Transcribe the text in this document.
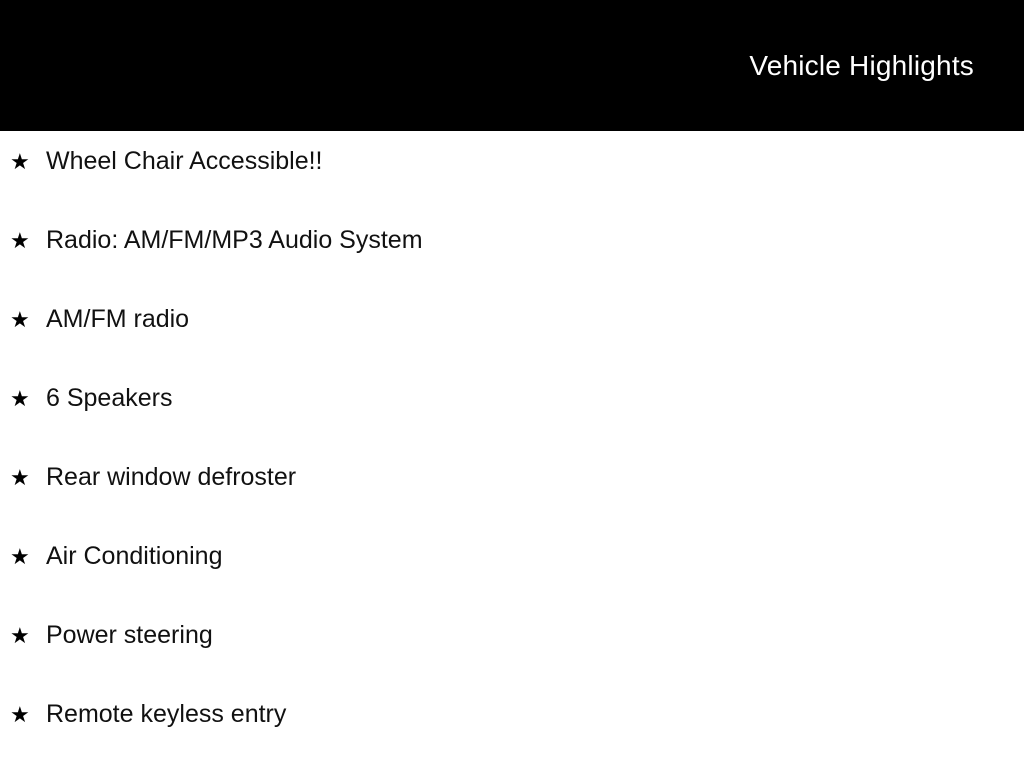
Vehicle Highlights
★ Wheel Chair Accessible!!
★ Radio: AM/FM/MP3 Audio System
★ AM/FM radio
★ 6 Speakers
★ Rear window defroster
★ Air Conditioning
★ Power steering
★ Remote keyless entry
